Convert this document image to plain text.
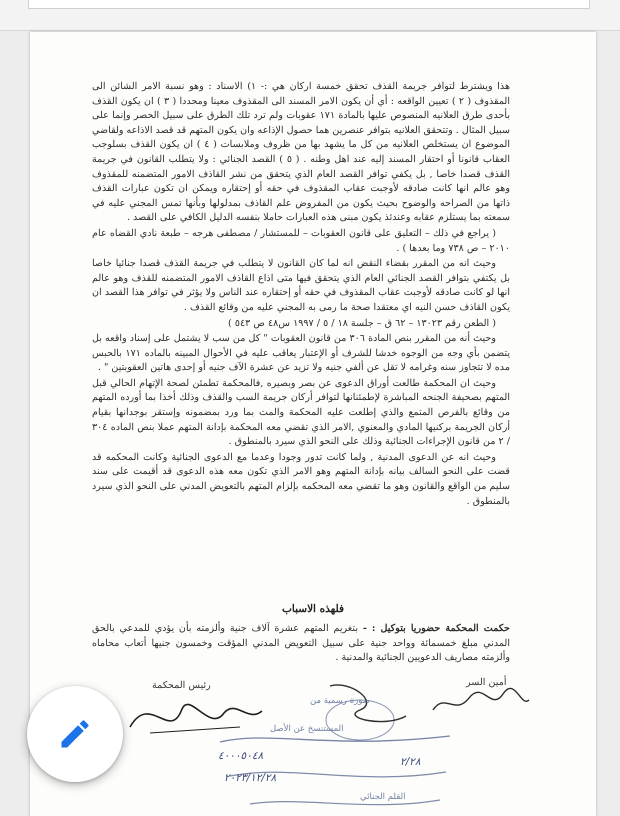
هذا ويشترط لتوافر جريمة القذف تحقق خمسة اركان هي :- ١) الاسناد : وهو نسبة الامر الشائن الى المقذوف ( ٢ ) تعيين الواقعه : أي أن يكون الامر المسند الى المقذوف معينا ومحددا ( ٣ ) ان يكون القذف بأحدى طرق العلانيه المنصوص عليها بالمادة ١٧١ عقوبات ولم ترد تلك الطرق على سبيل الحصر وإنما على سبيل المثال . وتتحقق العلانيه بتوافر عنصرين هما حصول الإذاعه وان يكون المتهم قد قصد الاذاعه ولقاضي الموضوع ان يستخلص العلانيه من كل ما يشهد بها من ظروف وملابسات ( ٤ ) ان يكون القذف بسلوجب العقاب قانونا أو احتقار المسند إليه عند اهل وطنه . ( ٥ ) القصد الجنائي : ولا يتطلب القانون في جريمة القذف قصدا خاصا , بل يكفي توافر القصد العام الذي يتحقق من نشر القاذف الامور المتضمنه للمقذوف وهو عالم انها كانت صادقه لأوجبت عقاب المقذوف في حقه أو إحتقاره ويمكن ان تكون عبارات القذف ذاتها من الصراحه والوضوح بحيث يكون من المفروض علم القاذف بمدلولها وبأنها تمس المجني عليه في سمعته بما يستلزم عقابه وعندئذ يكون مبنى هذه العبارات حاملا بنفسه الدليل الكافي على القصد .

( يراجع في ذلك – التعليق على قانون العقوبات – للمستشار / مصطفى هرجه – طبعة نادي القضاه عام ٢٠١٠ – ص ٧٣٨ وما بعدها ) .

وحيث انه من المقرر بقضاء النقض انه لما كان القانون لا يتطلب في جريمة القذف قصدا جنائيا خاصا بل يكتفي بتوافر القصد الجنائي العام الذي يتحقق فيها متى اذاع القاذف الامور المتضمنه للقذف وهو عالم انها لو كانت صادقه لأوجبت عقاب المقذوف في حقه أو إحتقاره عند الناس ولا يؤثر في توافر هذا القصد ان يكون القاذف حسن النيه اي معتقدا صحة ما رمى به المجني عليه من وقائع القذف .

( الطعن رقم ١٣٠٢٣ – ٦٢ ق – جلسة ١٨ / ٥ / ١٩٩٧ س٤٨ ص ٥٤٣ )

وحيث أنه من المقرر بنص المادة ٣٠٦ من قانون العقوبات " كل من سب لا يشتمل على إسناد واقعه بل يتضمن بأي وجه من الوجوه خدشا للشرف أو الإعتبار يعاقب عليه في الأحوال المبينه بالماده ١٧١ بالحبس مده لا تتجاوز سنه وغرامه لا تقل عن ألفي جنيه ولا تزيد عن عشرة الآف جنيه أو إحدى هاتين العقوبتين " .

وحيث ان المحكمة طالعت أوراق الدعوى عن بصر وبصيره ,فالمحكمة تطمئن لصحة الإتهام الحالي قبل المتهم بصحيفة الجنحه المباشرة لإطمئنانها لتوافر أركان جريمة السب والقذف وذلك أخذا بما أورده المتهم من وقائع بالفرص المتمع والذي إطلعت عليه المحكمة والمت بما ورد بمضمونه وإستقر بوجدانها بقيام أركان الجريمة بركنيها المادي والمعنوي ,الامر الذي تقضي معه المحكمة بإدانة المتهم عملا بنص الماده ٣٠٤ / ٢ من قانون الإجراءات الجنائية وذلك على النحو الذي سيرد بالمنطوق .

وحيث انه عن الدعوى المدنية , ولما كانت تدور وجودا وعدما مع الدعوى الجنائية وكانت المحكمه قد قضت على النحو السالف بيانه بإدانة المتهم وهو الامر الذي تكون معه هذه الدعوى قد أقيمت على سند سليم من الواقع والقانون وهو ما تقضي معه المحكمه بإلزام المتهم بالتعويض المدني على النحو الذي سيرد بالمنطوق .

فلهذه الاسباب
حكمت المحكمة حضوريا بتوكيل : - بتغريم المتهم عشرة آلاف جنية وألزمته بأن يؤدي للمدعي بالحق المدني مبلغ خمسمائة وواحد جنية على سبيل التعويض المدني المؤقت وخمسون جنيها أتعاب محاماه وألزمته مصاريف الدعويين الجنائية والمدنية .
أمين السر
رئيس المحكمة
صورة رسمية من
المستنسخ عن الأصل
القلم الجنائي
٤٠٠٠٥٠٤٨
٢٠٢٣/١٢/٢٨
٢/٢٨
